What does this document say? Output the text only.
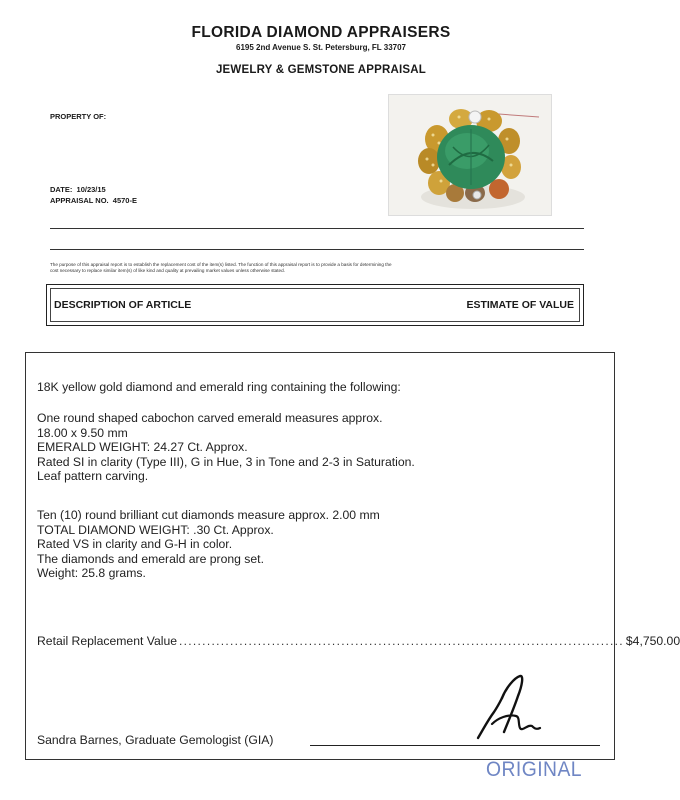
FLORIDA DIAMOND APPRAISERS
6195 2nd Avenue S. St. Petersburg, FL 33707
JEWELRY & GEMSTONE APPRAISAL
PROPERTY OF:
DATE: 10/23/15
APPRAISAL NO. 4570-E
The purpose of this appraisal report is to establish the replacement cost of the item(s) listed. The function of this appraisal report is to provide a basis for determining the
cost necessary to replace similar item(s) of like kind and quality at prevailing market values unless otherwise stated.
DESCRIPTION OF ARTICLE	ESTIMATE OF VALUE
18K yellow gold diamond and emerald ring containing the following:
One round shaped cabochon carved emerald measures approx.
18.00 x 9.50 mm
EMERALD WEIGHT: 24.27 Ct. Approx.
Rated SI in clarity (Type III), G in Hue, 3 in Tone and 2-3 in Saturation.
Leaf pattern carving.
Ten (10) round brilliant cut diamonds measure approx. 2.00 mm
TOTAL DIAMOND WEIGHT: .30 Ct. Approx.
Rated VS in clarity and G-H in color.
The diamonds and emerald are prong set.
Weight: 25.8 grams.
Retail Replacement Value ................................................................................................ $4,750.00
Sandra Barnes, Graduate Gemologist (GIA)
ORIGINAL
